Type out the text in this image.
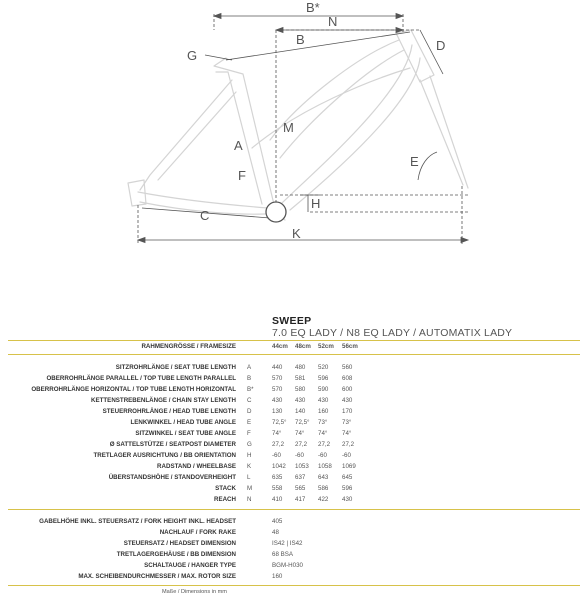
B*
N
B	D
G
M
A
E
F
H
C
K
SWEEP
7.0 EQ LADY / N8 EQ LADY / AUTOMATIX LADY
RAHMENGRÖSSE / FRAMESIZE	44cm 48cm 52cm 56cm
SITZROHRLÄNGE / SEAT TUBE LENGTH A	440 480 520 560
OBERROHRLÄNGE PARALLEL / TOP TUBE LENGTH PARALLEL B	570 581 596 608
OBERROHRLÄNGE HORIZONTAL / TOP TUBE LENGTH HORIZONTAL B*	570 580 590 600
KETTENSTREBENLÄNGE / CHAIN STAY LENGTH C	430 430 430 430
STEUERROHRLÄNGE / HEAD TUBE LENGTH D	130 140 160 170
LENKWINKEL / HEAD TUBE ANGLE E	72,5° 72,5° 73° 73°
SITZWINKEL / SEAT TUBE ANGLE F	74° 74° 74° 74°
Ø SATTELSTÜTZE / SEATPOST DIAMETER G	27,2 27,2 27,2 27,2
TRETLAGER AUSRICHTUNG / BB ORIENTATION H	-60 -60 -60 -60
RADSTAND / WHEELBASE K	1042 1053 1058 1069
ÜBERSTANDSHÖHE / STANDOVERHEIGHT L	635 637 643 645
STACK M	558 565 586 596
REACH N	410 417 422 430
GABELHÖHE INKL. STEUERSATZ / FORK HEIGHT INKL. HEADSET	405
NACHLAUF / FORK RAKE	48
STEUERSATZ / HEADSET DIMENSION	IS42 | IS42
TRETLAGERGEHÄUSE / BB DIMENSION	68 BSA
SCHALTAUGE / HANGER TYPE	BGM-H030
MAX. SCHEIBENDURCHMESSER / MAX. ROTOR SIZE	160
Maße / Dimensions in mm
